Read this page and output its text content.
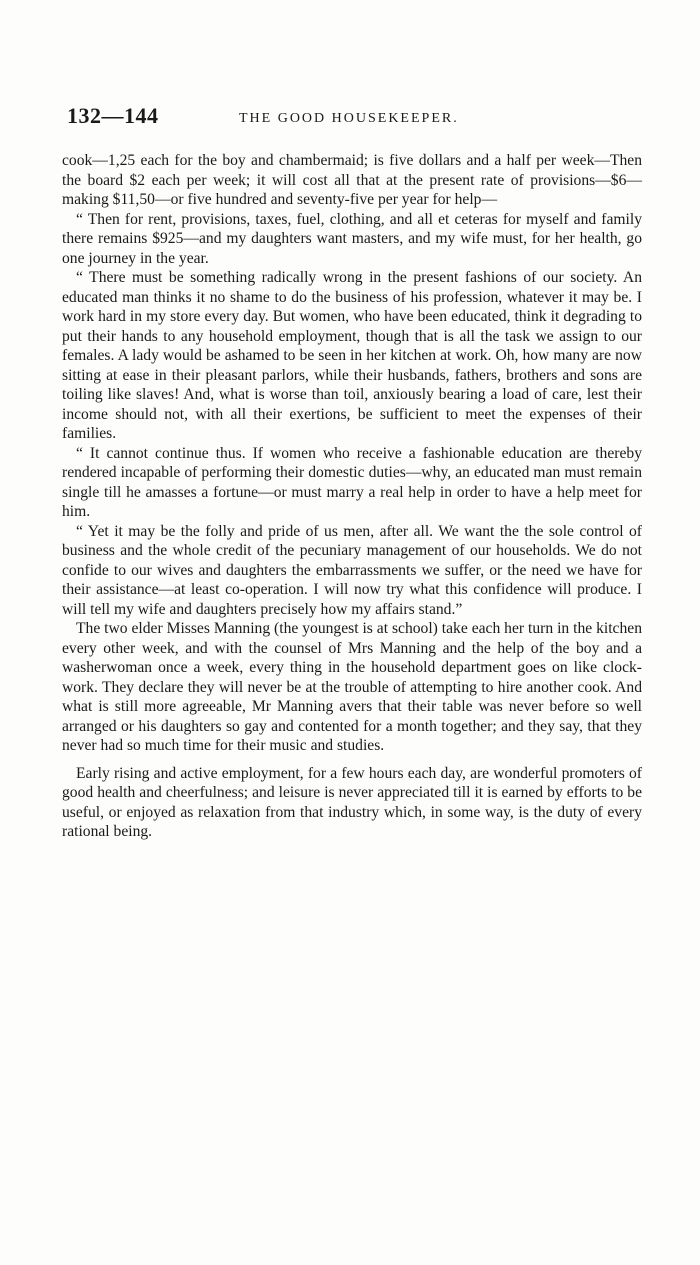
132—144	THE GOOD HOUSEKEEPER.

cook—1,25 each for the boy and chambermaid; is five dollars and a half per week—Then the board $2 each per week; it will cost all that at the present rate of provisions—$6—making $11,50—or five hundred and seventy-five per year for help—

“ Then for rent, provisions, taxes, fuel, clothing, and all et ceteras for myself and family there remains $925—and my daughters want masters, and my wife must, for her health, go one journey in the year.

“ There must be something radically wrong in the present fashions of our society. An educated man thinks it no shame to do the business of his profession, whatever it may be. I work hard in my store every day. But women, who have been educated, think it degrading to put their hands to any household employment, though that is all the task we assign to our females. A lady would be ashamed to be seen in her kitchen at work. Oh, how many are now sitting at ease in their pleasant parlors, while their husbands, fathers, brothers and sons are toiling like slaves! And, what is worse than toil, anxiously bearing a load of care, lest their income should not, with all their exertions, be sufficient to meet the expenses of their families.

“ It cannot continue thus. If women who receive a fashionable education are thereby rendered incapable of performing their domestic duties—why, an educated man must remain single till he amasses a fortune—or must marry a real help in order to have a help meet for him.

“ Yet it may be the folly and pride of us men, after all. We want the the sole control of business and the whole credit of the pecuniary management of our households. We do not confide to our wives and daughters the embarrassments we suffer, or the need we have for their assistance—at least co-operation. I will now try what this confidence will produce. I will tell my wife and daughters precisely how my affairs stand.”

The two elder Misses Manning (the youngest is at school) take each her turn in the kitchen every other week, and with the counsel of Mrs Manning and the help of the boy and a washerwoman once a week, every thing in the household department goes on like clock-work. They declare they will never be at the trouble of attempting to hire another cook. And what is still more agreeable, Mr Manning avers that their table was never before so well arranged or his daughters so gay and contented for a month together; and they say, that they never had so much time for their music and studies.

Early rising and active employment, for a few hours each day, are wonderful promoters of good health and cheerfulness; and leisure is never appreciated till it is earned by efforts to be useful, or enjoyed as relaxation from that industry which, in some way, is the duty of every rational being.
